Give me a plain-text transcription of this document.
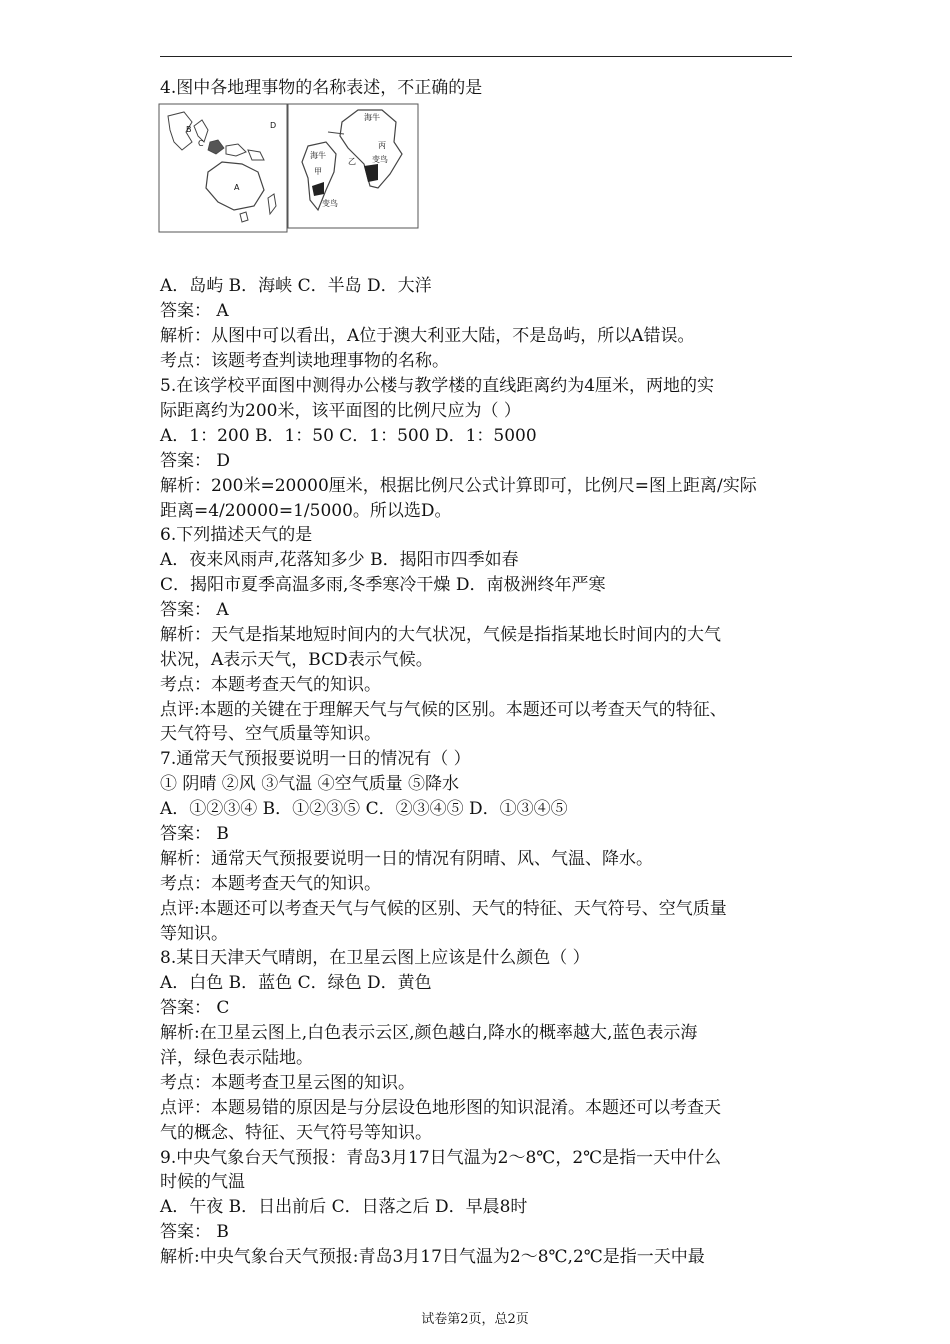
4.图中各地理事物的名称表述，不正确的是
B
C
D
A
海牛
丙
海牛
乙 变鸟
甲
变鸟
A．岛屿 B．海峡 C．半岛 D．大洋
答案： A
解析：从图中可以看出，A位于澳大利亚大陆，不是岛屿，所以A错误。
考点：该题考查判读地理事物的名称。
5.在该学校平面图中测得办公楼与教学楼的直线距离约为4厘米，两地的实
际距离约为200米，该平面图的比例尺应为（ ）
A．1：200 B．1：50 C．1：500 D．1：5000
答案： D
解析：200米=20000厘米，根据比例尺公式计算即可，比例尺=图上距离/实际
距离=4/20000=1/5000。所以选D。
6.下列描述天气的是
A．夜来风雨声,花落知多少 B．揭阳市四季如春
C．揭阳市夏季高温多雨,冬季寒冷干燥 D．南极洲终年严寒
答案： A
解析：天气是指某地短时间内的大气状况，气候是指指某地长时间内的大气
状况，A表示天气，BCD表示气候。
考点：本题考查天气的知识。
点评:本题的关键在于理解天气与气候的区别。本题还可以考查天气的特征、
天气符号、空气质量等知识。
7.通常天气预报要说明一日的情况有（ ）
① 阴晴 ②风 ③气温 ④空气质量 ⑤降水
A．①②③④ B．①②③⑤ C．②③④⑤ D．①③④⑤
答案： B
解析：通常天气预报要说明一日的情况有阴晴、风、气温、降水。
考点：本题考查天气的知识。
点评:本题还可以考查天气与气候的区别、天气的特征、天气符号、空气质量
等知识。
8.某日天津天气晴朗，在卫星云图上应该是什么颜色（ ）
A．白色 B．蓝色 C．绿色 D．黄色
答案： C
解析:在卫星云图上,白色表示云区,颜色越白,降水的概率越大,蓝色表示海
洋，绿色表示陆地。
考点：本题考查卫星云图的知识。
点评：本题易错的原因是与分层设色地形图的知识混淆。本题还可以考查天
气的概念、特征、天气符号等知识。
9.中央气象台天气预报：青岛3月17日气温为2～8℃，2℃是指一天中什么
时候的气温
A．午夜 B．日出前后 C．日落之后 D．早晨8时
答案： B
解析:中央气象台天气预报:青岛3月17日气温为2～8℃,2℃是指一天中最
试卷第2页，总2页
